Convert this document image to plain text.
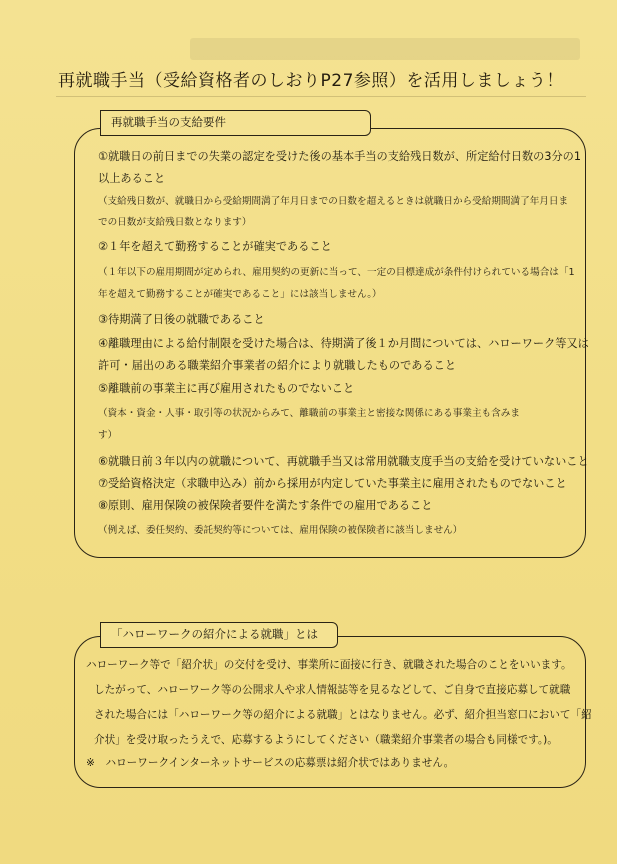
再就職手当（受給資格者のしおりP27参照）を活用しましょう！
再就職手当の支給要件
①就職日の前日までの失業の認定を受けた後の基本手当の支給残日数が、所定給付日数の3分の1
以上あること
（支給残日数が、就職日から受給期間満了年月日までの日数を超えるときは就職日から受給期間満了年月日ま
での日数が支給残日数となります）
②１年を超えて勤務することが確実であること
（１年以下の雇用期間が定められ、雇用契約の更新に当って、一定の目標達成が条件付けられている場合は「1
年を超えて勤務することが確実であること」には該当しません。）
③待期満了日後の就職であること
④離職理由による給付制限を受けた場合は、待期満了後１か月間については、ハローワーク等又は
許可・届出のある職業紹介事業者の紹介により就職したものであること
⑤離職前の事業主に再び雇用されたものでないこと
（資本・資金・人事・取引等の状況からみて、離職前の事業主と密接な関係にある事業主も含みま
す）
⑥就職日前３年以内の就職について、再就職手当又は常用就職支度手当の支給を受けていないこと
⑦受給資格決定（求職申込み）前から採用が内定していた事業主に雇用されたものでないこと
⑧原則、雇用保険の被保険者要件を満たす条件での雇用であること
（例えば、委任契約、委託契約等については、雇用保険の被保険者に該当しません）
「ハローワークの紹介による就職」とは
ハローワーク等で「紹介状」の交付を受け、事業所に面接に行き、就職された場合のことをいいます。
したがって、ハローワーク等の公開求人や求人情報誌等を見るなどして、ご自身で直接応募して就職
された場合には「ハローワーク等の紹介による就職」とはなりません。必ず、紹介担当窓口において「紹
介状」を受け取ったうえで、応募するようにしてください（職業紹介事業者の場合も同様です。)。
※　ハローワークインターネットサービスの応募票は紹介状ではありません。
